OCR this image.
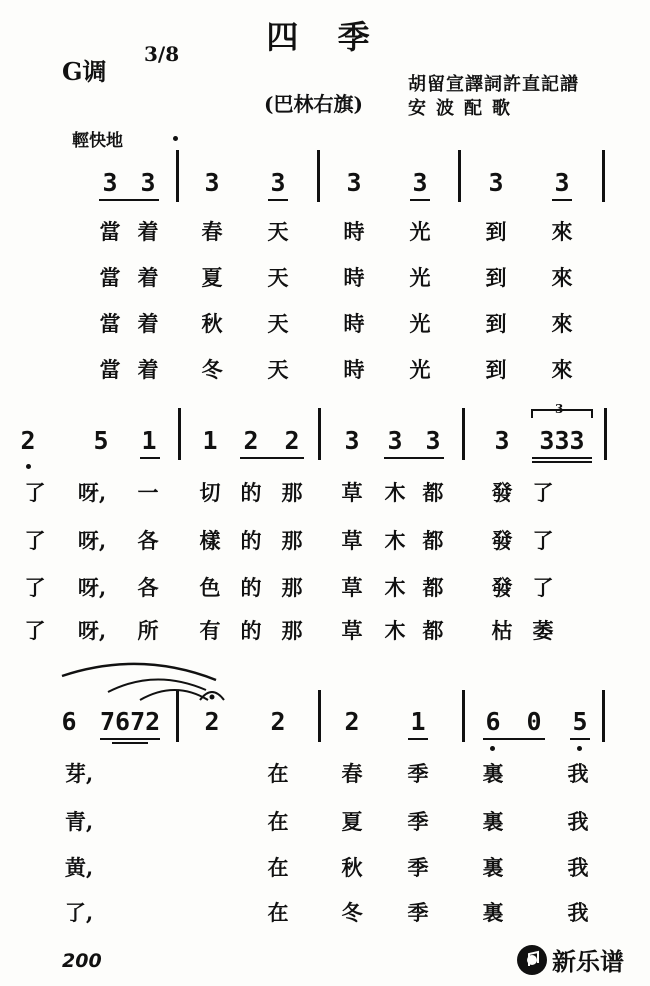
四 季
G调
3/8
(巴林右旗)
胡留宣譯詞許直記譜
安波配歌
輕快地
3 3 3 3 3 3 3 3
當 着 春 天	時 光	到 來
當 着 夏 天	時 光	到 來
當 着 秋 天	時 光	到 來
當 着 冬 天	時 光	到 來
2 5 1 1 2 2 3 3 3 3 333
3
了	呀,	一 切 的 那 草 木 都 發 了
了	呀,	各 樣 的 那 草 木 都 發 了
了	呀,	各 色 的 那 草 木 都 發 了
了	呀,	所 有 的 那 草 木 都 枯 萎
6 7672 2 2 2 1 6 0 5
芽,	在	春 季	裏	我
青,	在	夏 季	裏	我
黄,	在	秋 季	裏	我
了,	在	冬 季	裏	我
200	新乐谱
